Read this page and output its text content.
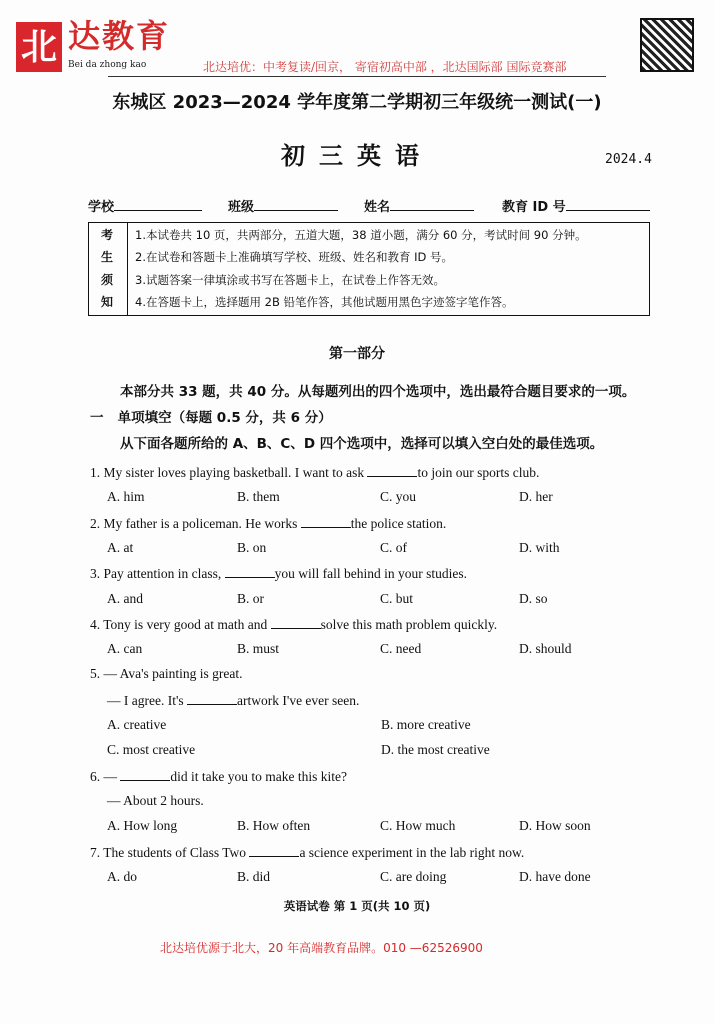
北 达教育
Bei da zhong kao	北达培优：中考复读/回京， 寄宿初高中部 ，北达国际部 国际竞赛部
东城区 2023—2024 学年度第二学期初三年级统一测试(一)
初三英语	2024.4
学校	班级	姓名	教育 ID 号
考
生
须
知
1.本试卷共 10 页，共两部分，五道大题，38 道小题，满分 60 分，考试时间 90 分钟。
2.在试卷和答题卡上准确填写学校、班级、姓名和教育 ID 号。
3.试题答案一律填涂或书写在答题卡上，在试卷上作答无效。
4.在答题卡上，选择题用 2B 铅笔作答，其他试题用黑色字迹签字笔作答。
第一部分
本部分共 33 题，共 40 分。从每题列出的四个选项中，选出最符合题目要求的一项。
一 单项填空（每题 0.5 分，共 6 分）
从下面各题所给的 A、B、C、D 四个选项中，选择可以填入空白处的最佳选项。
1. My sister loves playing basketball. I want to ask	to join our sports club.
A. him	B. them	C. you	D. her
2. My father is a policeman. He works	the police station.
A. at	B. on	C. of	D. with
3. Pay attention in class,	you will fall behind in your studies.
A. and	B. or	C. but	D. so
4. Tony is very good at math and	solve this math problem quickly.
A. can	B. must	C. need	D. should
5. — Ava's painting is great.
— I agree. It's	artwork I've ever seen.
A. creative	B. more creative
C. most creative	D. the most creative
6. —	did it take you to make this kite?
— About 2 hours.
A. How long	B. How often	C. How much	D. How soon
7. The students of Class Two	a science experiment in the lab right now.
A. do	B. did	C. are doing	D. have done
英语试卷 第 1 页(共 10 页)
北达培优源于北大，20 年高端教育品牌。010 —62526900
